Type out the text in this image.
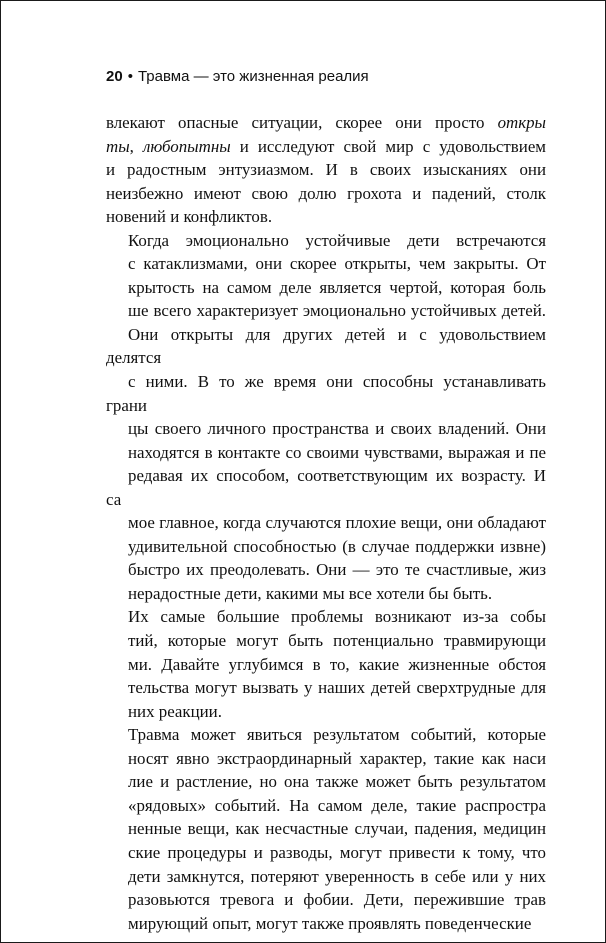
20 • Травма — это жизненная реалия

влекают опасные ситуации, скорее они просто откры
ты, любопытны и исследуют свой мир с удовольствием
и радостным энтузиазмом. И в своих изысканиях они
неизбежно имеют свою долю грохота и падений, столк
новений и конфликтов.

Когда эмоционально устойчивые дети встречаются
с катаклизмами, они скорее открыты, чем закрыты. От
крытость на самом деле является чертой, которая боль
ше всего характеризует эмоционально устойчивых детей.
Они открыты для других детей и с удовольствием делятся
с ними. В то же время они способны устанавливать грани
цы своего личного пространства и своих владений. Они
находятся в контакте со своими чувствами, выражая и пе
редавая их способом, соответствующим их возрасту. И са
мое главное, когда случаются плохие вещи, они обладают
удивительной способностью (в случае поддержки извне)
быстро их преодолевать. Они — это те счастливые, жиз
нерадостные дети, какими мы все хотели бы быть.

Их самые большие проблемы возникают из-за собы
тий, которые могут быть потенциально травмирующи
ми. Давайте углубимся в то, какие жизненные обстоя
тельства могут вызвать у наших детей сверхтрудные для
них реакции.

Травма может явиться результатом событий, которые
носят явно экстраординарный характер, такие как наси
лие и растление, но она также может быть результатом
«рядовых» событий. На самом деле, такие распростра
ненные вещи, как несчастные случаи, падения, медицин
ские процедуры и разводы, могут привести к тому, что
дети замкнутся, потеряют уверенность в себе или у них
разовьются тревога и фобии. Дети, пережившие трав
мирующий опыт, могут также проявлять поведенческие
